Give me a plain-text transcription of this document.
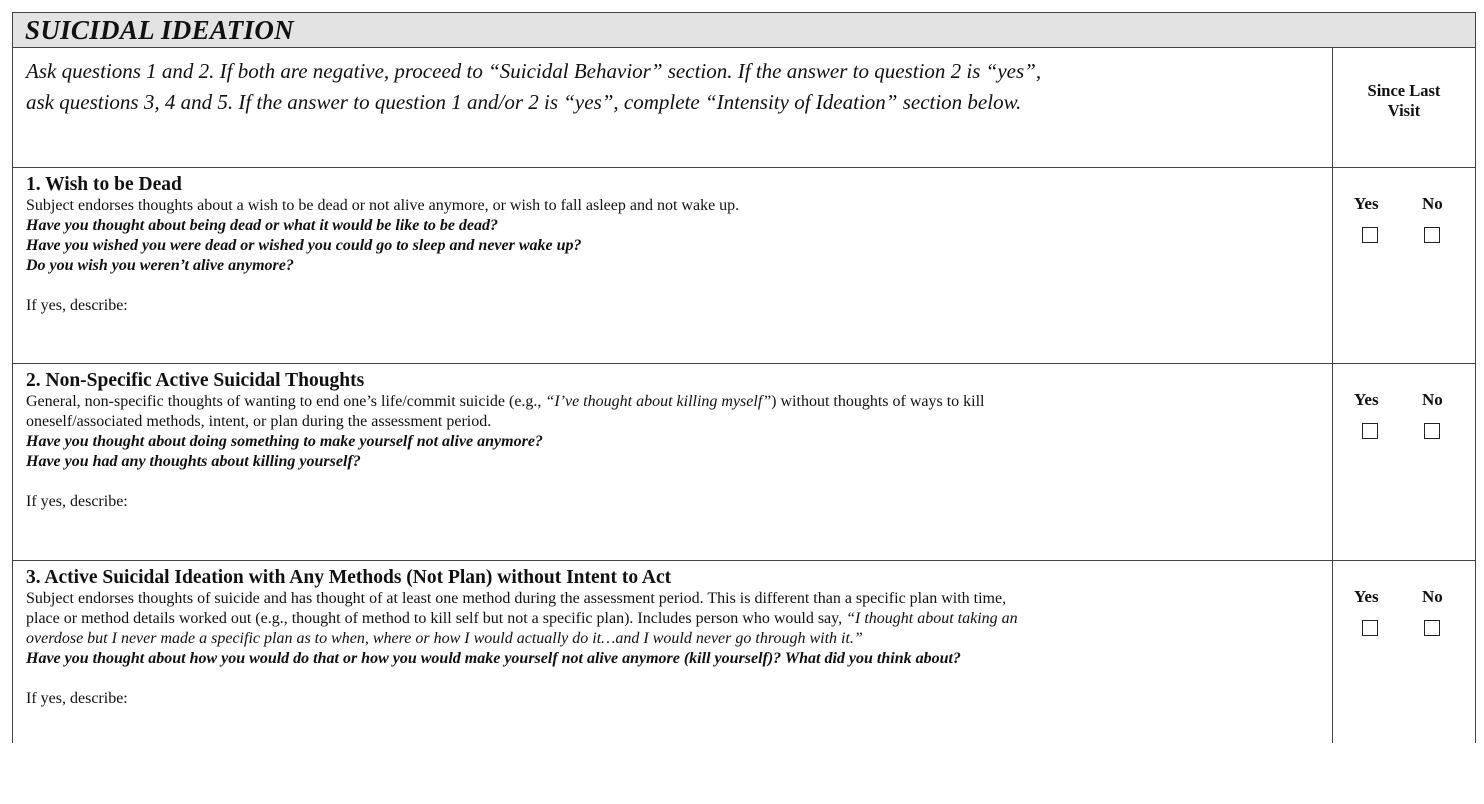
SUICIDAL IDEATION
Ask questions 1 and 2. If both are negative, proceed to “Suicidal Behavior” section. If the answer to question 2 is “yes”,
ask questions 3, 4 and 5. If the answer to question 1 and/or 2 is “yes”, complete “Intensity of Ideation” section below.	Since Last
Visit
1. Wish to be Dead
Subject endorses thoughts about a wish to be dead or not alive anymore, or wish to fall asleep and not wake up.
Have you thought about being dead or what it would be like to be dead?
Have you wished you were dead or wished you could go to sleep and never wake up?
Do you wish you weren’t alive anymore?
If yes, describe:
Yes	No
2. Non-Specific Active Suicidal Thoughts
General, non-specific thoughts of wanting to end one’s life/commit suicide (e.g., “I’ve thought about killing myself”) without thoughts of ways to kill
oneself/associated methods, intent, or plan during the assessment period.
Have you thought about doing something to make yourself not alive anymore?
Have you had any thoughts about killing yourself?
If yes, describe:
Yes	No
3. Active Suicidal Ideation with Any Methods (Not Plan) without Intent to Act
Subject endorses thoughts of suicide and has thought of at least one method during the assessment period. This is different than a specific plan with time,
place or method details worked out (e.g., thought of method to kill self but not a specific plan). Includes person who would say, “I thought about taking an
overdose but I never made a specific plan as to when, where or how I would actually do it…and I would never go through with it.”
Have you thought about how you would do that or how you would make yourself not alive anymore (kill yourself)? What did you think about?
If yes, describe:
Yes	No
